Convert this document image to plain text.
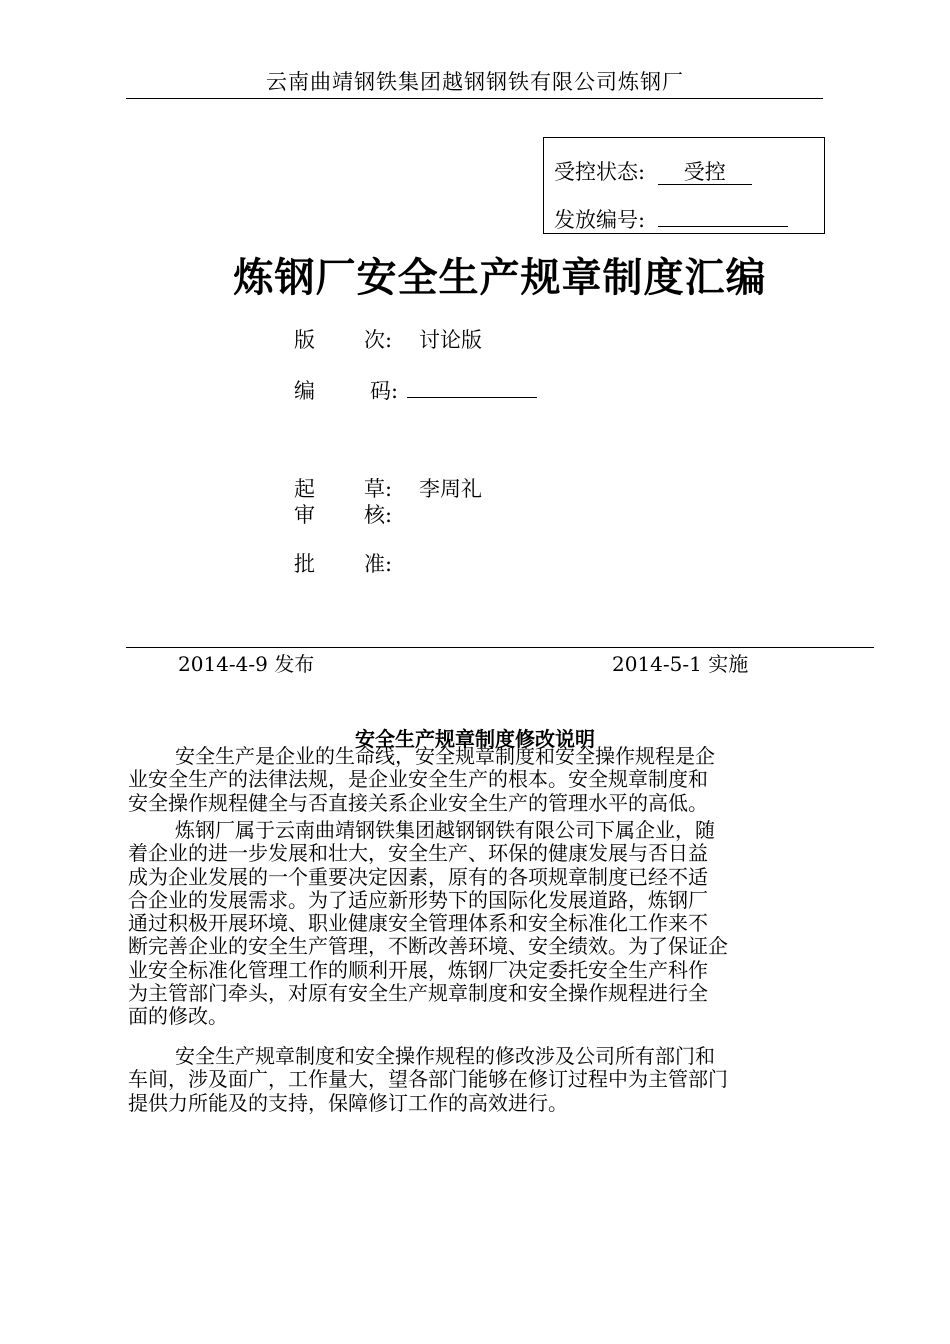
云南曲靖钢铁集团越钢钢铁有限公司炼钢厂
受控状态: 受控
发放编号:
炼钢厂安全生产规章制度汇编
版 次: 讨论版
编	码:
起 草: 李周礼
审 核:
批 准:
2014-4-9 发布	2014-5-1 实施
安全生产规章制度修改说明
安全生产是企业的生命线，安全规章制度和安全操作规程是企
业安全生产的法律法规，是企业安全生产的根本。安全规章制度和
安全操作规程健全与否直接关系企业安全生产的管理水平的高低。
炼钢厂属于云南曲靖钢铁集团越钢钢铁有限公司下属企业，随
着企业的进一步发展和壮大，安全生产、环保的健康发展与否日益
成为企业发展的一个重要决定因素，原有的各项规章制度已经不适
合企业的发展需求。为了适应新形势下的国际化发展道路，炼钢厂
通过积极开展环境、职业健康安全管理体系和安全标准化工作来不
断完善企业的安全生产管理，不断改善环境、安全绩效。为了保证企
业安全标准化管理工作的顺利开展，炼钢厂决定委托安全生产科作
为主管部门牵头，对原有安全生产规章制度和安全操作规程进行全
面的修改。
安全生产规章制度和安全操作规程的修改涉及公司所有部门和
车间，涉及面广，工作量大，望各部门能够在修订过程中为主管部门
提供力所能及的支持，保障修订工作的高效进行。
